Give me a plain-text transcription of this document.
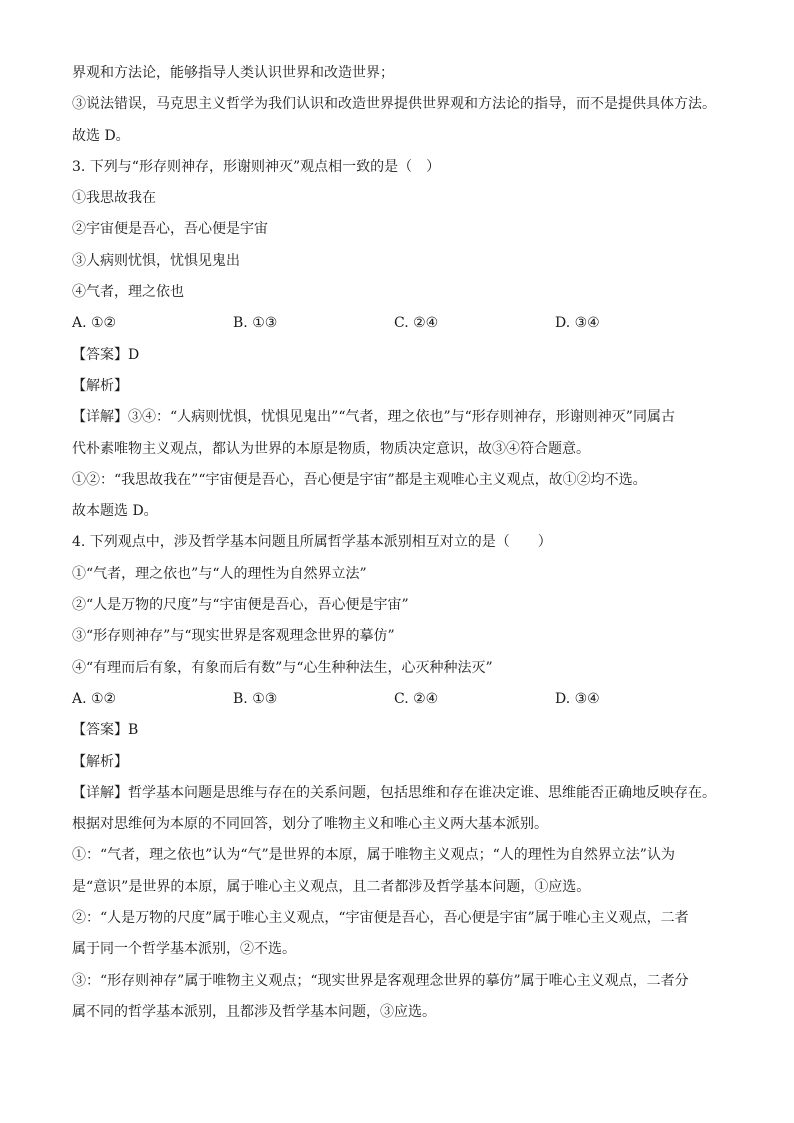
界观和方法论，能够指导人类认识世界和改造世界；
③说法错误，马克思主义哲学为我们认识和改造世界提供世界观和方法论的指导，而不是提供具体方法。
故选 D。
3. 下列与“形存则神存，形谢则神灭”观点相一致的是（　）
①我思故我在
②宇宙便是吾心，吾心便是宇宙
③人病则忧惧，忧惧见鬼出
④气者，理之依也
A. ①②	B. ①③	C. ②④	D. ③④
【答案】D
【解析】
【详解】③④：“人病则忧惧，忧惧见鬼出”“气者，理之依也”与“形存则神存，形谢则神灭”同属古
代朴素唯物主义观点，都认为世界的本原是物质，物质决定意识，故③④符合题意。
①②：“我思故我在”“宇宙便是吾心，吾心便是宇宙”都是主观唯心主义观点，故①②均不选。
故本题选 D。
4. 下列观点中，涉及哲学基本问题且所属哲学基本派别相互对立的是（　　）
①“气者，理之依也”与“人的理性为自然界立法”
②“人是万物的尺度”与“宇宙便是吾心，吾心便是宇宙”
③“形存则神存”与“现实世界是客观理念世界的摹仿”
④“有理而后有象，有象而后有数”与“心生种种法生，心灭种种法灭”
A. ①②	B. ①③	C. ②④	D. ③④
【答案】B
【解析】
【详解】哲学基本问题是思维与存在的关系问题，包括思维和存在谁决定谁、思维能否正确地反映存在。
根据对思维何为本原的不同回答，划分了唯物主义和唯心主义两大基本派别。
①：“气者，理之依也”认为“气”是世界的本原，属于唯物主义观点；“人的理性为自然界立法”认为
是“意识”是世界的本原，属于唯心主义观点，且二者都涉及哲学基本问题，①应选。
②：“人是万物的尺度”属于唯心主义观点，“宇宙便是吾心，吾心便是宇宙”属于唯心主义观点，二者
属于同一个哲学基本派别，②不选。
③：“形存则神存”属于唯物主义观点；“现实世界是客观理念世界的摹仿”属于唯心主义观点，二者分
属不同的哲学基本派别，且都涉及哲学基本问题，③应选。
